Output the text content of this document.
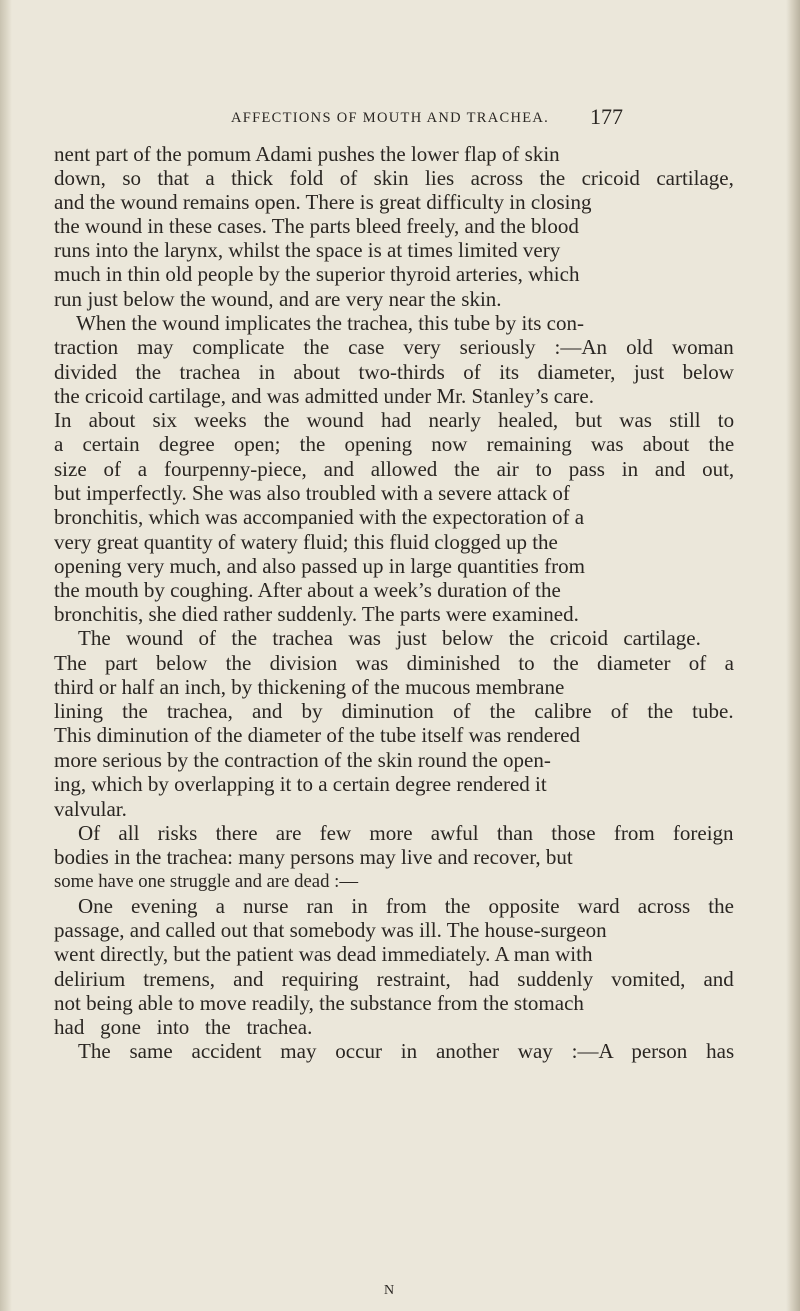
AFFECTIONS OF MOUTH AND TRACHEA. 177
nent part of the pomum Adami pushes the lower flap of skin
down, so that a thick fold of skin lies across the cricoid cartilage,
and the wound remains open. There is great difficulty in closing
the wound in these cases. The parts bleed freely, and the blood
runs into the larynx, whilst the space is at times limited very
much in thin old people by the superior thyroid arteries, which
run just below the wound, and are very near the skin.
When the wound implicates the trachea, this tube by its con-
traction may complicate the case very seriously :—An old woman
divided the trachea in about two-thirds of its diameter, just below
the cricoid cartilage, and was admitted under Mr. Stanley’s care.
In about six weeks the wound had nearly healed, but was still to
a certain degree open; the opening now remaining was about the
size of a fourpenny-piece, and allowed the air to pass in and out,
but imperfectly. She was also troubled with a severe attack of
bronchitis, which was accompanied with the expectoration of a
very great quantity of watery fluid; this fluid clogged up the
opening very much, and also passed up in large quantities from
the mouth by coughing. After about a week’s duration of the
bronchitis, she died rather suddenly. The parts were examined.
The wound of the trachea was just below the cricoid cartilage.
The part below the division was diminished to the diameter of a
third or half an inch, by thickening of the mucous membrane
lining the trachea, and by diminution of the calibre of the tube.
This diminution of the diameter of the tube itself was rendered
more serious by the contraction of the skin round the open-
ing, which by overlapping it to a certain degree rendered it
valvular.
Of all risks there are few more awful than those from foreign
bodies in the trachea: many persons may live and recover, but
some have one struggle and are dead :—
One evening a nurse ran in from the opposite ward across the
passage, and called out that somebody was ill. The house-surgeon
went directly, but the patient was dead immediately. A man with
delirium tremens, and requiring restraint, had suddenly vomited, and
not being able to move readily, the substance from the stomach
had gone into the trachea.
The same accident may occur in another way :—A person has
N
